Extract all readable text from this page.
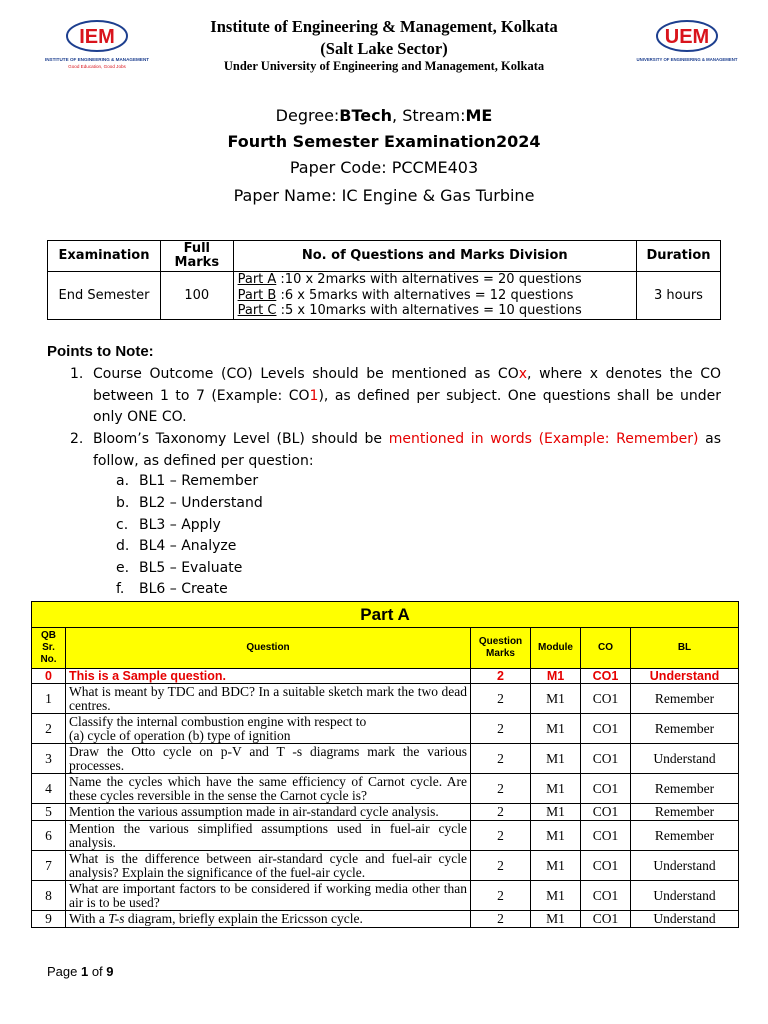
IEM
INSTITUTE OF ENGINEERING & MANAGEMENT
Good Education, Good Jobs
UEM
UNIVERSITY OF ENGINEERING & MANAGEMENT
Institute of Engineering & Management, Kolkata
(Salt Lake Sector)
Under University of Engineering and Management, Kolkata
Degree:BTech, Stream:ME
Fourth Semester Examination2024
Paper Code: PCCME403
Paper Name: IC Engine & Gas Turbine
Examination	Full Marks	No. of Questions and Marks Division	Duration
End Semester	100	Part A :10 x 2marks with alternatives = 20 questions
Part B :6 x 5marks with alternatives = 12 questions
Part C :5 x 10marks with alternatives = 10 questions	3 hours
Points to Note:
1. Course Outcome (CO) Levels should be mentioned as COx, where x denotes the CO between 1 to 7 (Example: CO1), as defined per subject. One questions shall be under only ONE CO.
2. Bloom’s Taxonomy Level (BL) should be mentioned in words (Example: Remember) as follow, as defined per question:
a. BL1 – Remember
b. BL2 – Understand
c. BL3 – Apply
d. BL4 – Analyze
e. BL5 – Evaluate
f. BL6 – Create
Part A					
QB Sr. No.	Question	Question Marks	Module	CO	BL
0	This is a Sample question.	2	M1	CO1	Understand
1	What is meant by TDC and BDC? In a suitable sketch mark the two dead centres.	2	M1	CO1	Remember
2	Classify the internal combustion engine with respect to
(a) cycle of operation (b) type of ignition	2	M1	CO1	Remember
3	Draw the Otto cycle on p-V and T -s diagrams mark the various processes.	2	M1	CO1	Understand
4	Name the cycles which have the same efficiency of Carnot cycle. Are these cycles reversible in the sense the Carnot cycle is?	2	M1	CO1	Remember
5	Mention the various assumption made in air-standard cycle analysis.	2	M1	CO1	Remember
6	Mention the various simplified assumptions used in fuel-air cycle analysis.	2	M1	CO1	Remember
7	What is the difference between air-standard cycle and fuel-air cycle analysis? Explain the significance of the fuel-air cycle.	2	M1	CO1	Understand
8	What are important factors to be considered if working media other than air is to be used?	2	M1	CO1	Understand
9	With a T-s diagram, briefly explain the Ericsson cycle.	2	M1	CO1	Understand
Page 1 of 9
